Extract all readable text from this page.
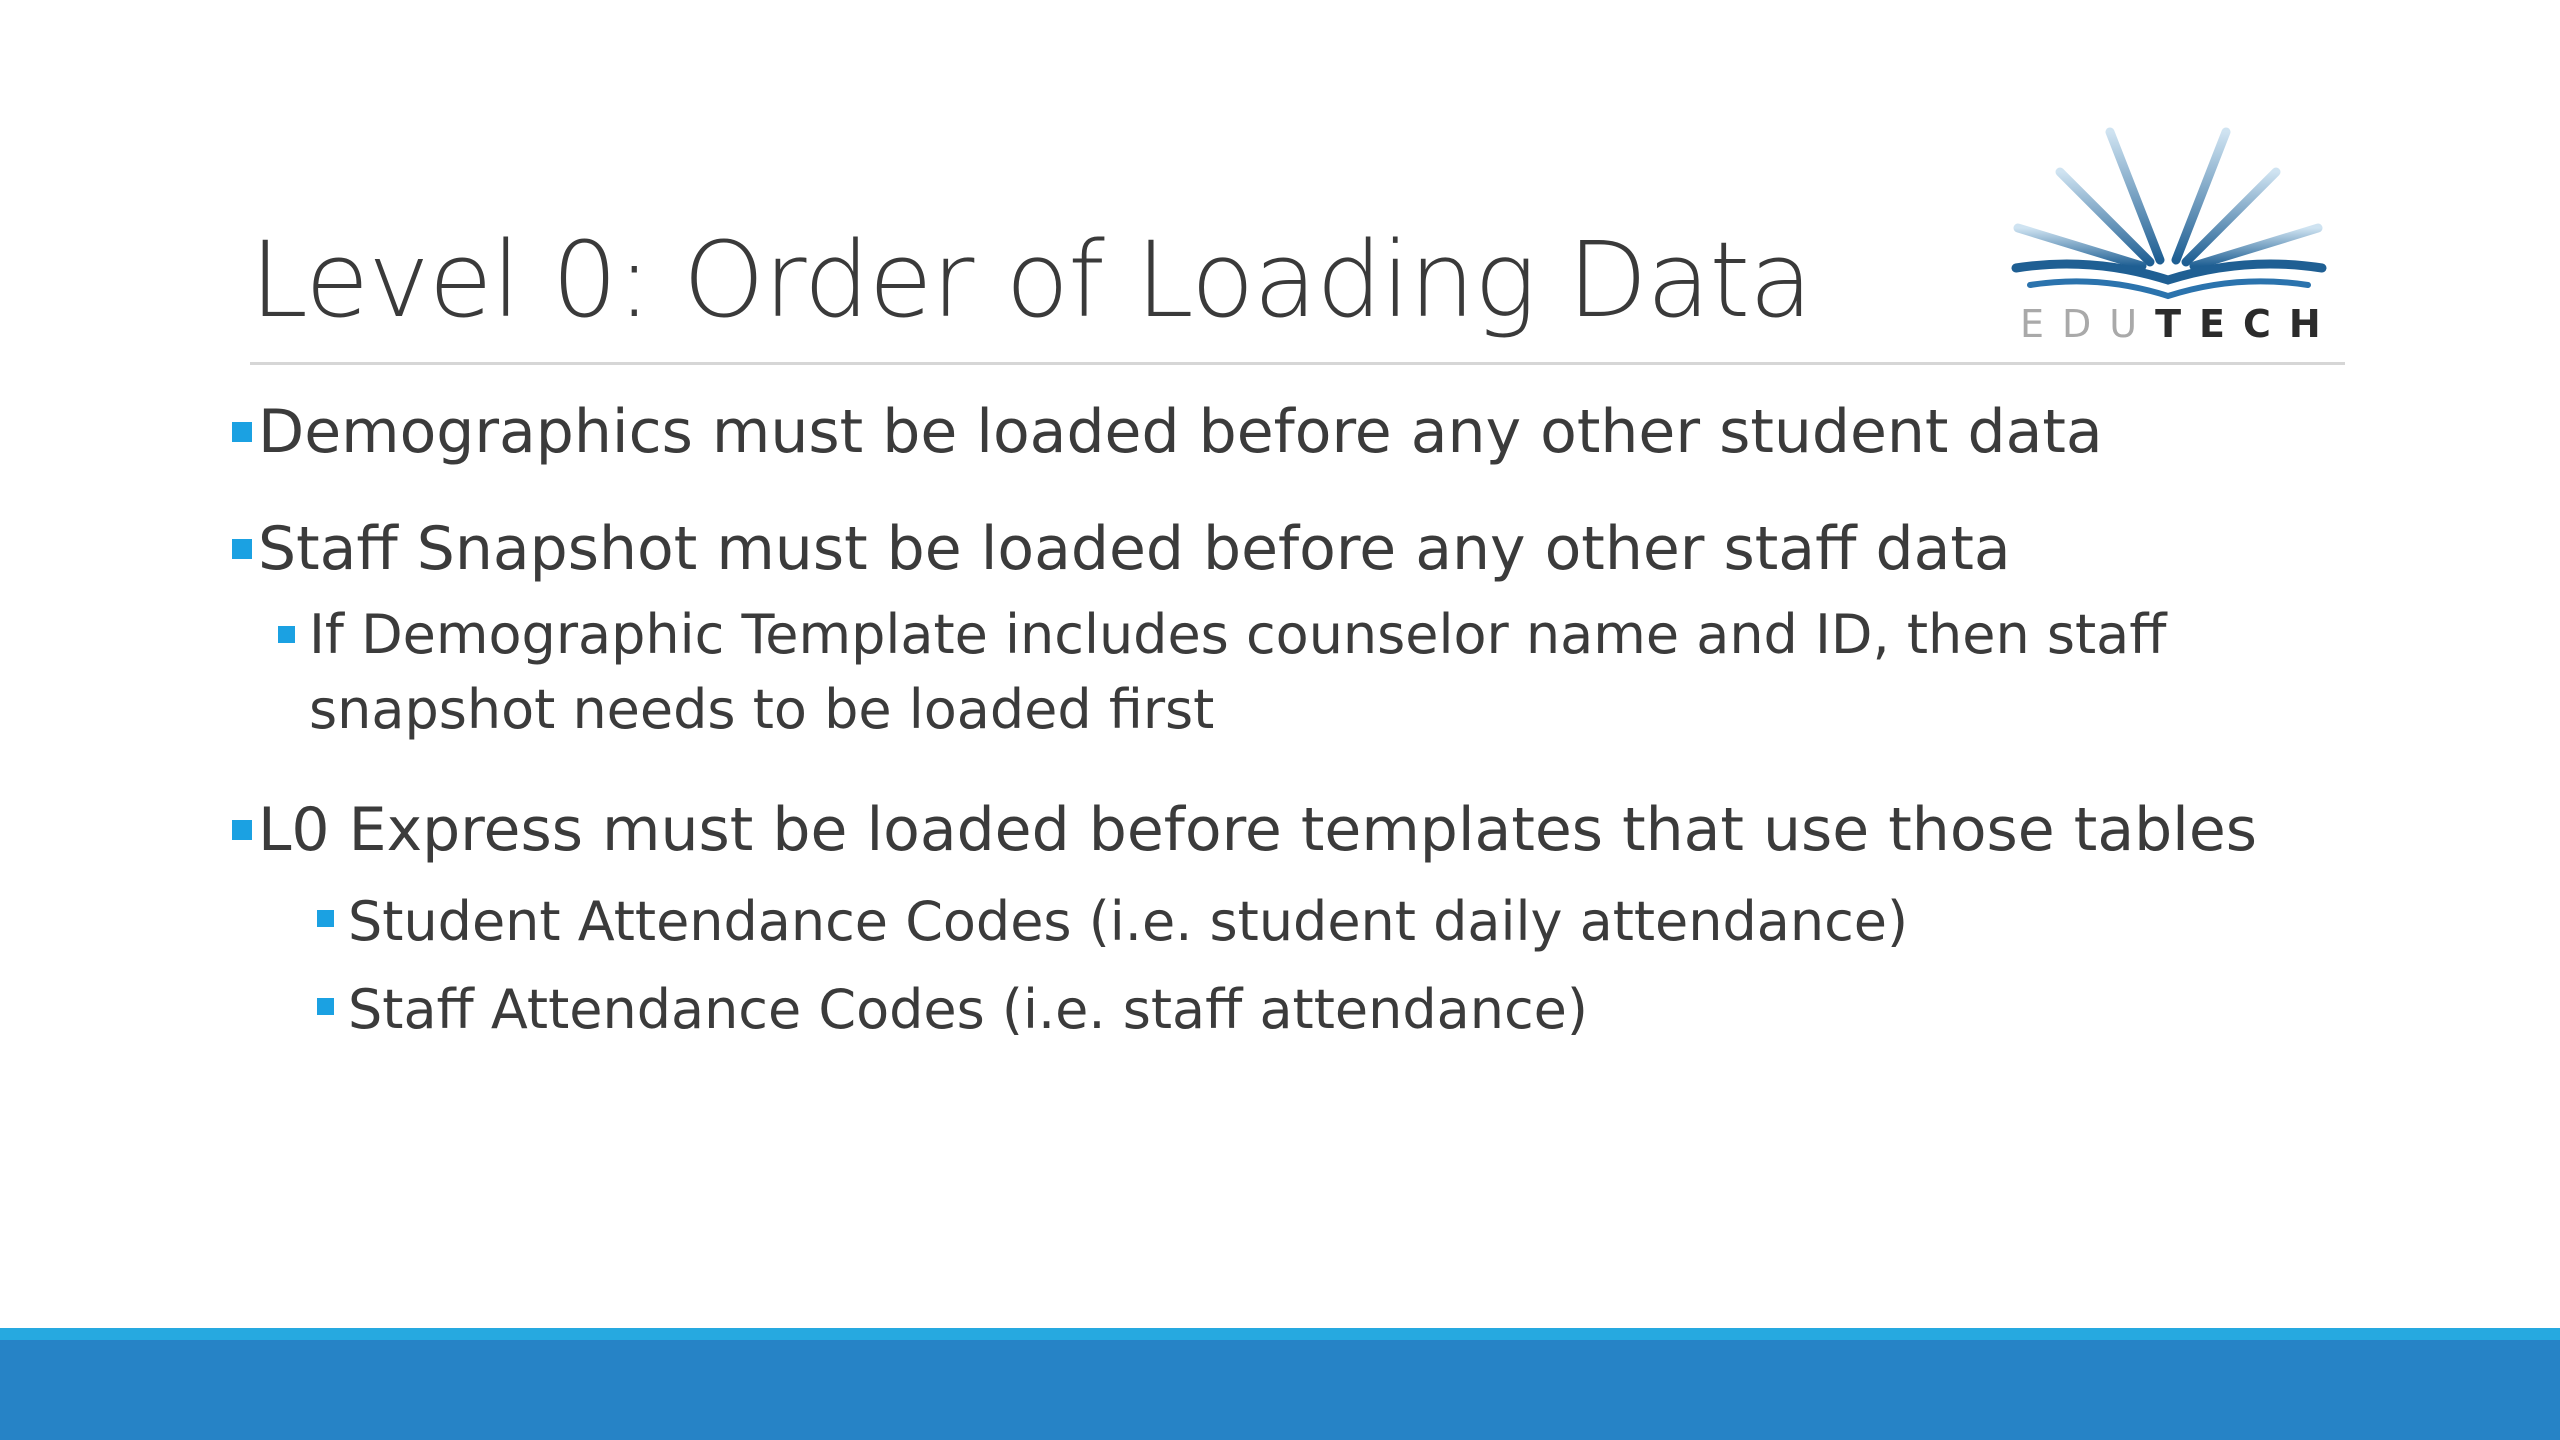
Level 0: Order of Loading Data	EDUTECH
Demographics must be loaded before any other student data
Staff Snapshot must be loaded before any other staff data
If Demographic Template includes counselor name and ID, then staff snapshot needs to be loaded first
L0 Express must be loaded before templates that use those tables
Student Attendance Codes (i.e. student daily attendance)
Staff Attendance Codes (i.e. staff attendance)
